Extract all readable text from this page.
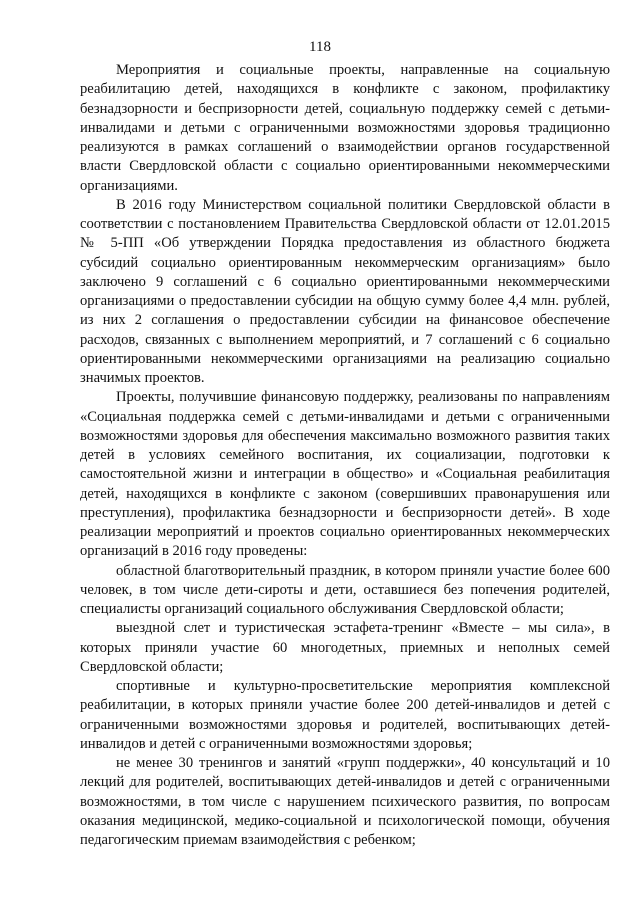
118

Мероприятия и социальные проекты, направленные на социальную реабилитацию детей, находящихся в конфликте с законом, профилактику безнадзорности и беспризорности детей, социальную поддержку семей с детьми-инвалидами и детьми с ограниченными возможностями здоровья традиционно реализуются в рамках соглашений о взаимодействии органов государственной власти Свердловской области с социально ориентированными некоммерческими организациями.

В 2016 году Министерством социальной политики Свердловской области в соответствии с постановлением Правительства Свердловской области от 12.01.2015 № 5-ПП «Об утверждении Порядка предоставления из областного бюджета субсидий социально ориентированным некоммерческим организациям» было заключено 9 соглашений с 6 социально ориентированными некоммерческими организациями о предоставлении субсидии на общую сумму более 4,4 млн. рублей, из них 2 соглашения о предоставлении субсидии на финансовое обеспечение расходов, связанных с выполнением мероприятий, и 7 соглашений с 6 социально ориентированными некоммерческими организациями на реализацию социально значимых проектов.

Проекты, получившие финансовую поддержку, реализованы по направлениям «Социальная поддержка семей с детьми-инвалидами и детьми с ограниченными возможностями здоровья для обеспечения максимально возможного развития таких детей в условиях семейного воспитания, их социализации, подготовки к самостоятельной жизни и интеграции в общество» и «Социальная реабилитация детей, находящихся в конфликте с законом (совершивших правонарушения или преступления), профилактика безнадзорности и беспризорности детей». В ходе реализации мероприятий и проектов социально ориентированных некоммерческих организаций в 2016 году проведены:

областной благотворительный праздник, в котором приняли участие более 600 человек, в том числе дети-сироты и дети, оставшиеся без попечения родителей, специалисты организаций социального обслуживания Свердловской области;

выездной слет и туристическая эстафета-тренинг «Вместе – мы сила», в которых приняли участие 60 многодетных, приемных и неполных семей Свердловской области;

спортивные и культурно-просветительские мероприятия комплексной реабилитации, в которых приняли участие более 200 детей-инвалидов и детей с ограниченными возможностями здоровья и родителей, воспитывающих детей-инвалидов и детей с ограниченными возможностями здоровья;

не менее 30 тренингов и занятий «групп поддержки», 40 консультаций и 10 лекций для родителей, воспитывающих детей-инвалидов и детей с ограниченными возможностями, в том числе с нарушением психического развития, по вопросам оказания медицинской, медико-социальной и психологической помощи, обучения педагогическим приемам взаимодействия с ребенком;
